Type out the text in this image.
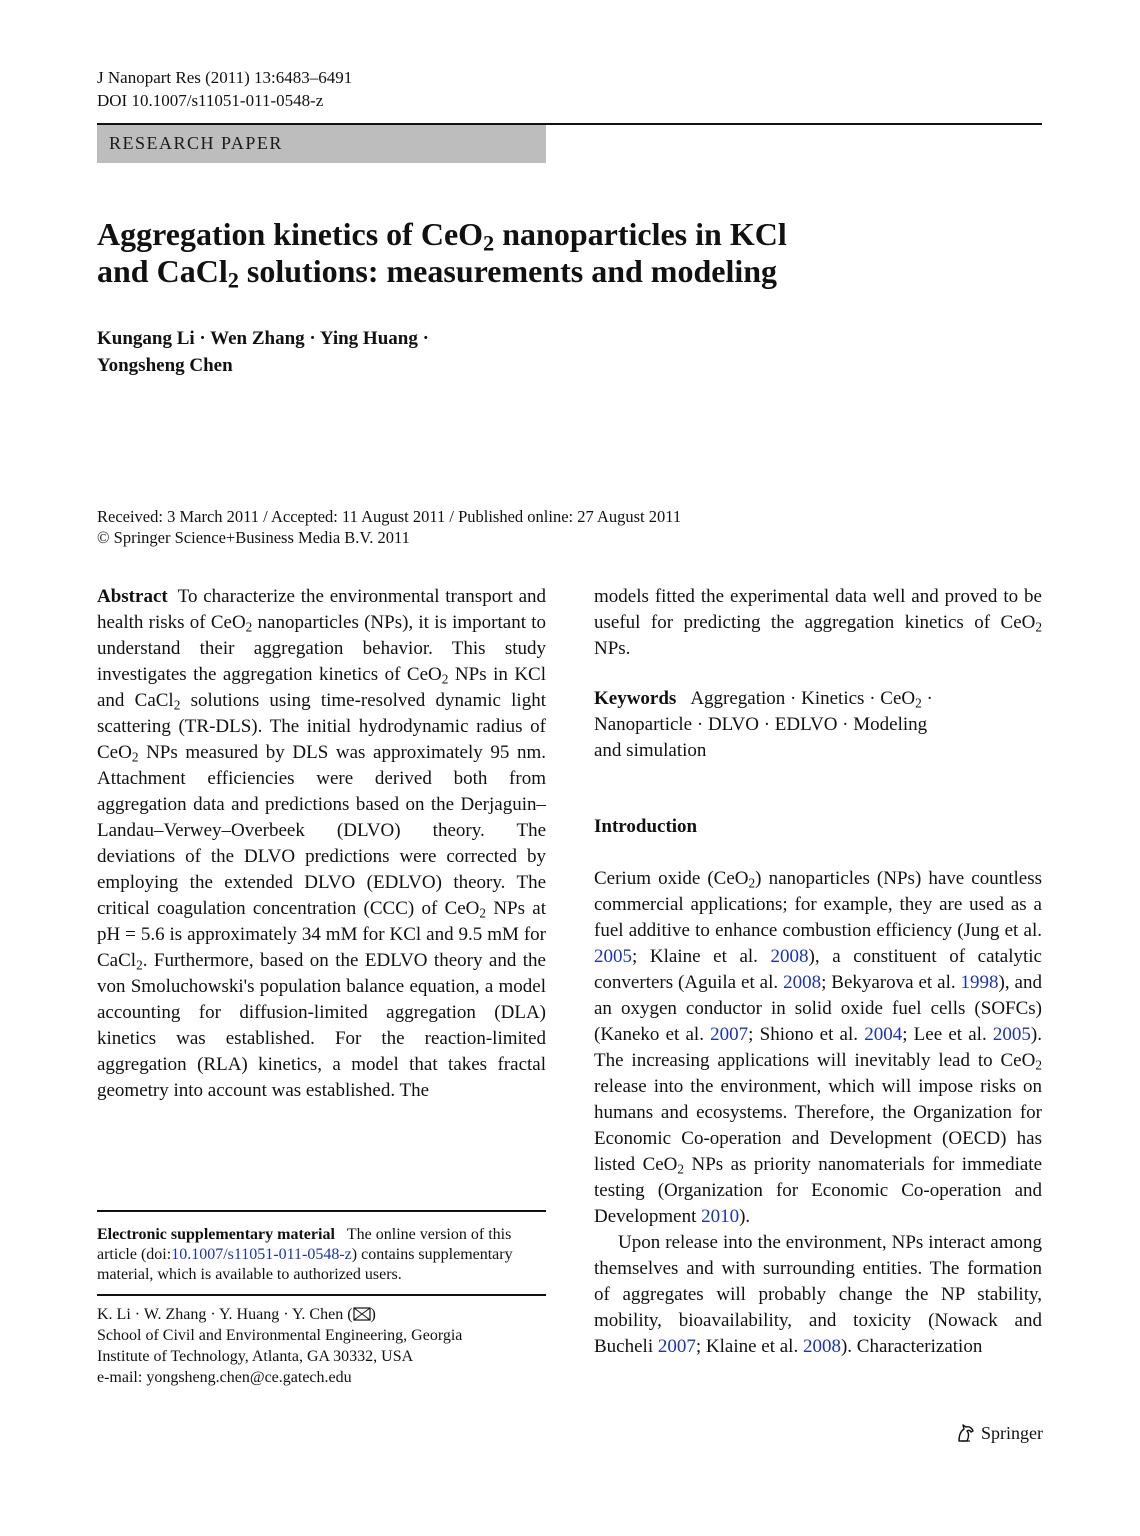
J Nanopart Res (2011) 13:6483–6491
DOI 10.1007/s11051-011-0548-z
RESEARCH PAPER
Aggregation kinetics of CeO$_2$ nanoparticles in KCl
and CaCl$_2$ solutions: measurements and modeling
Kungang Li · Wen Zhang · Ying Huang ·
Yongsheng Chen
Received: 3 March 2011 / Accepted: 11 August 2011 / Published online: 27 August 2011
© Springer Science+Business Media B.V. 2011

Abstract To characterize the environmental transport and health risks of CeO$_2$ nanoparticles (NPs), it is important to understand their aggregation behavior. This study investigates the aggregation kinetics of CeO$_2$ NPs in KCl and CaCl$_2$ solutions using time-resolved dynamic light scattering (TR-DLS). The initial hydrodynamic radius of CeO$_2$ NPs measured by DLS was approximately 95 nm. Attachment efficiencies were derived both from aggregation data and predictions based on the Derjaguin–Landau–Verwey–Overbeek (DLVO) theory. The deviations of the DLVO predictions were corrected by employing the extended DLVO (EDLVO) theory. The critical coagulation concentration (CCC) of CeO$_2$ NPs at pH = 5.6 is approximately 34 mM for KCl and 9.5 mM for CaCl$_2$. Furthermore, based on the EDLVO theory and the von Smoluchowski's population balance equation, a model accounting for diffusion-limited aggregation (DLA) kinetics was established. For the reaction-limited aggregation (RLA) kinetics, a model that takes fractal geometry into account was established. The

models fitted the experimental data well and proved to be useful for predicting the aggregation kinetics of CeO$_2$ NPs.

Keywords Aggregation · Kinetics · CeO$_2$ ·
Nanoparticle · DLVO · EDLVO · Modeling
and simulation

Introduction

Cerium oxide (CeO$_2$) nanoparticles (NPs) have countless commercial applications; for example, they are used as a fuel additive to enhance combustion efficiency (Jung et al. 2005; Klaine et al. 2008), a constituent of catalytic converters (Aguila et al. 2008; Bekyarova et al. 1998), and an oxygen conductor in solid oxide fuel cells (SOFCs) (Kaneko et al. 2007; Shiono et al. 2004; Lee et al. 2005). The increasing applications will inevitably lead to CeO$_2$ release into the environment, which will impose risks on humans and ecosystems. Therefore, the Organization for Economic Co-operation and Development (OECD) has listed CeO$_2$ NPs as priority nanomaterials for immediate testing (Organization for Economic Co-operation and Development 2010).

Upon release into the environment, NPs interact among themselves and with surrounding entities. The formation of aggregates will probably change the NP stability, mobility, bioavailability, and toxicity (Nowack and Bucheli 2007; Klaine et al. 2008). Characterization

Electronic supplementary material The online version of this article (doi:10.1007/s11051-011-0548-z) contains supplementary material, which is available to authorized users.
K. Li · W. Zhang · Y. Huang · Y. Chen ( )
School of Civil and Environmental Engineering, Georgia
Institute of Technology, Atlanta, GA 30332, USA
e-mail: yongsheng.chen@ce.gatech.edu
Springer
